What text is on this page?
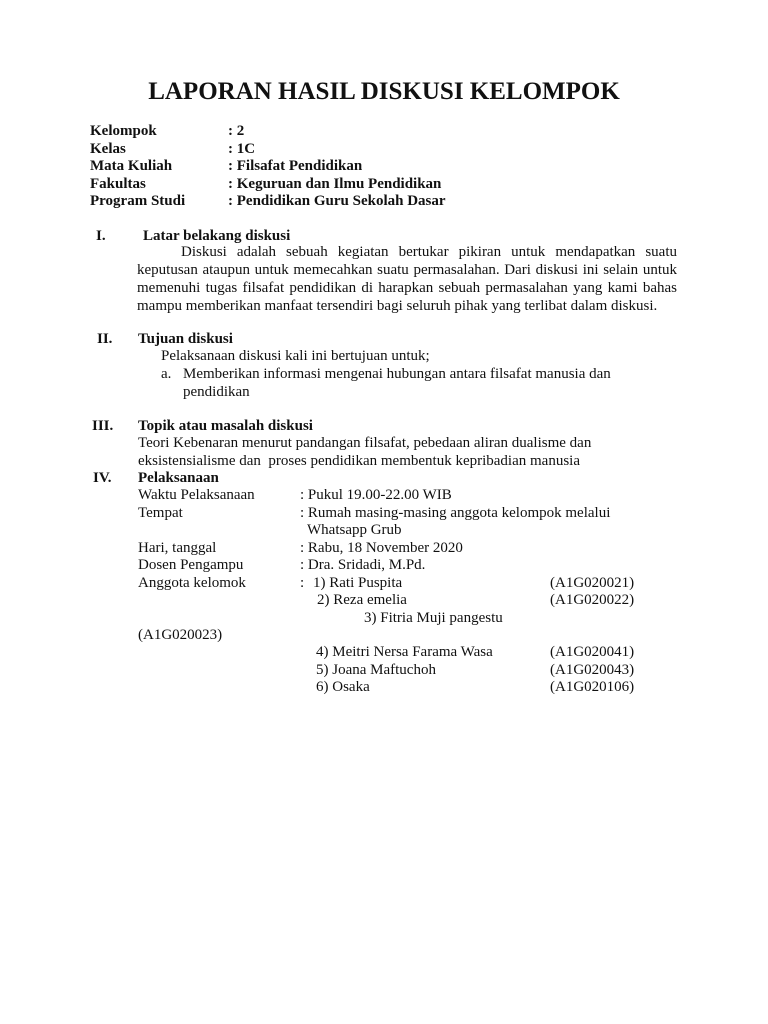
LAPORAN HASIL DISKUSI KELOMPOK
Kelompok	: 2
Kelas	: 1C
Mata Kuliah	: Filsafat Pendidikan
Fakultas	: Keguruan dan Ilmu Pendidikan
Program Studi	: Pendidikan Guru Sekolah Dasar
I. Latar belakang diskusi
Diskusi adalah sebuah kegiatan bertukar pikiran untuk mendapatkan suatu
keputusan ataupun untuk memecahkan suatu permasalahan. Dari diskusi ini selain untuk
memenuhi tugas filsafat pendidikan di harapkan sebuah permasalahan yang kami bahas
mampu memberikan manfaat tersendiri bagi seluruh pihak yang terlibat dalam diskusi.
II. Tujuan diskusi
Pelaksanaan diskusi kali ini bertujuan untuk;
a. Memberikan informasi mengenai hubungan antara filsafat manusia dan
pendidikan
III. Topik atau masalah diskusi
Teori Kebenaran menurut pandangan filsafat, pebedaan aliran dualisme dan
eksistensialisme dan  proses pendidikan membentuk kepribadian manusia
IV. Pelaksanaan
Waktu Pelaksanaan	: Pukul 19.00-22.00 WIB
Tempat	: Rumah masing-masing anggota kelompok melalui
Whatsapp Grub
Hari, tanggal	: Rabu, 18 November 2020
Dosen Pengampu	: Dra. Sridadi, M.Pd.
Anggota kelomok	: 1) Rati Puspita	(A1G020021)
2) Reza emelia	(A1G020022)
3) Fitria Muji pangestu
(A1G020023)
4) Meitri Nersa Farama Wasa	(A1G020041)
5) Joana Maftuchoh	(A1G020043)
6) Osaka	(A1G020106)
